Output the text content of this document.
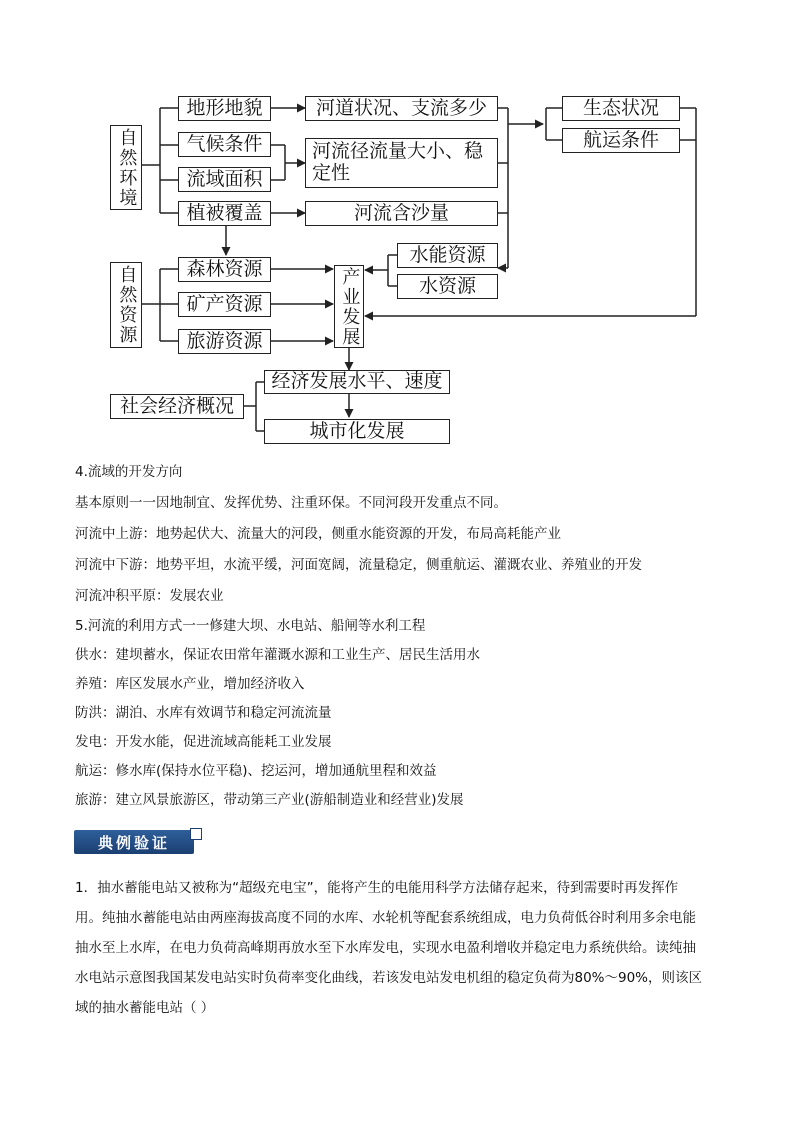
自然环境
地形地貌
气候条件
流域面积
植被覆盖
河道状况、支流多少
河流径流量大小、稳定性
河流含沙量
生态状况
航运条件
自然资源	森林资源
矿产资源
旅游资源	产业发展
水能资源
水资源
社会经济概况
经济发展水平、速度
城市化发展
4.流域的开发方向
基本原则一一因地制宜、发挥优势、注重环保。不同河段开发重点不同。
河流中上游：地势起伏大、流量大的河段，侧重水能资源的开发，布局高耗能产业
河流中下游：地势平坦，水流平缓，河面宽阔，流量稳定，侧重航运、灌溉农业、养殖业的开发
河流冲积平原：发展农业
5.河流的利用方式一一修建大坝、水电站、船闸等水利工程
供水：建坝蓄水，保证农田常年灌溉水源和工业生产、居民生活用水
养殖：库区发展水产业，增加经济收入
防洪：湖泊、水库有效调节和稳定河流流量
发电：开发水能，促进流域高能耗工业发展
航运：修水库(保持水位平稳)、挖运河，增加通航里程和效益
旅游：建立风景旅游区，带动第三产业(游船制造业和经营业)发展
典例验证
1．抽水蓄能电站又被称为“超级充电宝”，能将产生的电能用科学方法储存起来，待到需要时再发挥作
用。纯抽水蓄能电站由两座海拔高度不同的水库、水轮机等配套系统组成，电力负荷低谷时利用多余电能
抽水至上水库，在电力负荷高峰期再放水至下水库发电，实现水电盈利增收并稳定电力系统供给。读纯抽
水电站示意图我国某发电站实时负荷率变化曲线，若该发电站发电机组的稳定负荷为80%～90%，则该区
域的抽水蓄能电站（ ）
